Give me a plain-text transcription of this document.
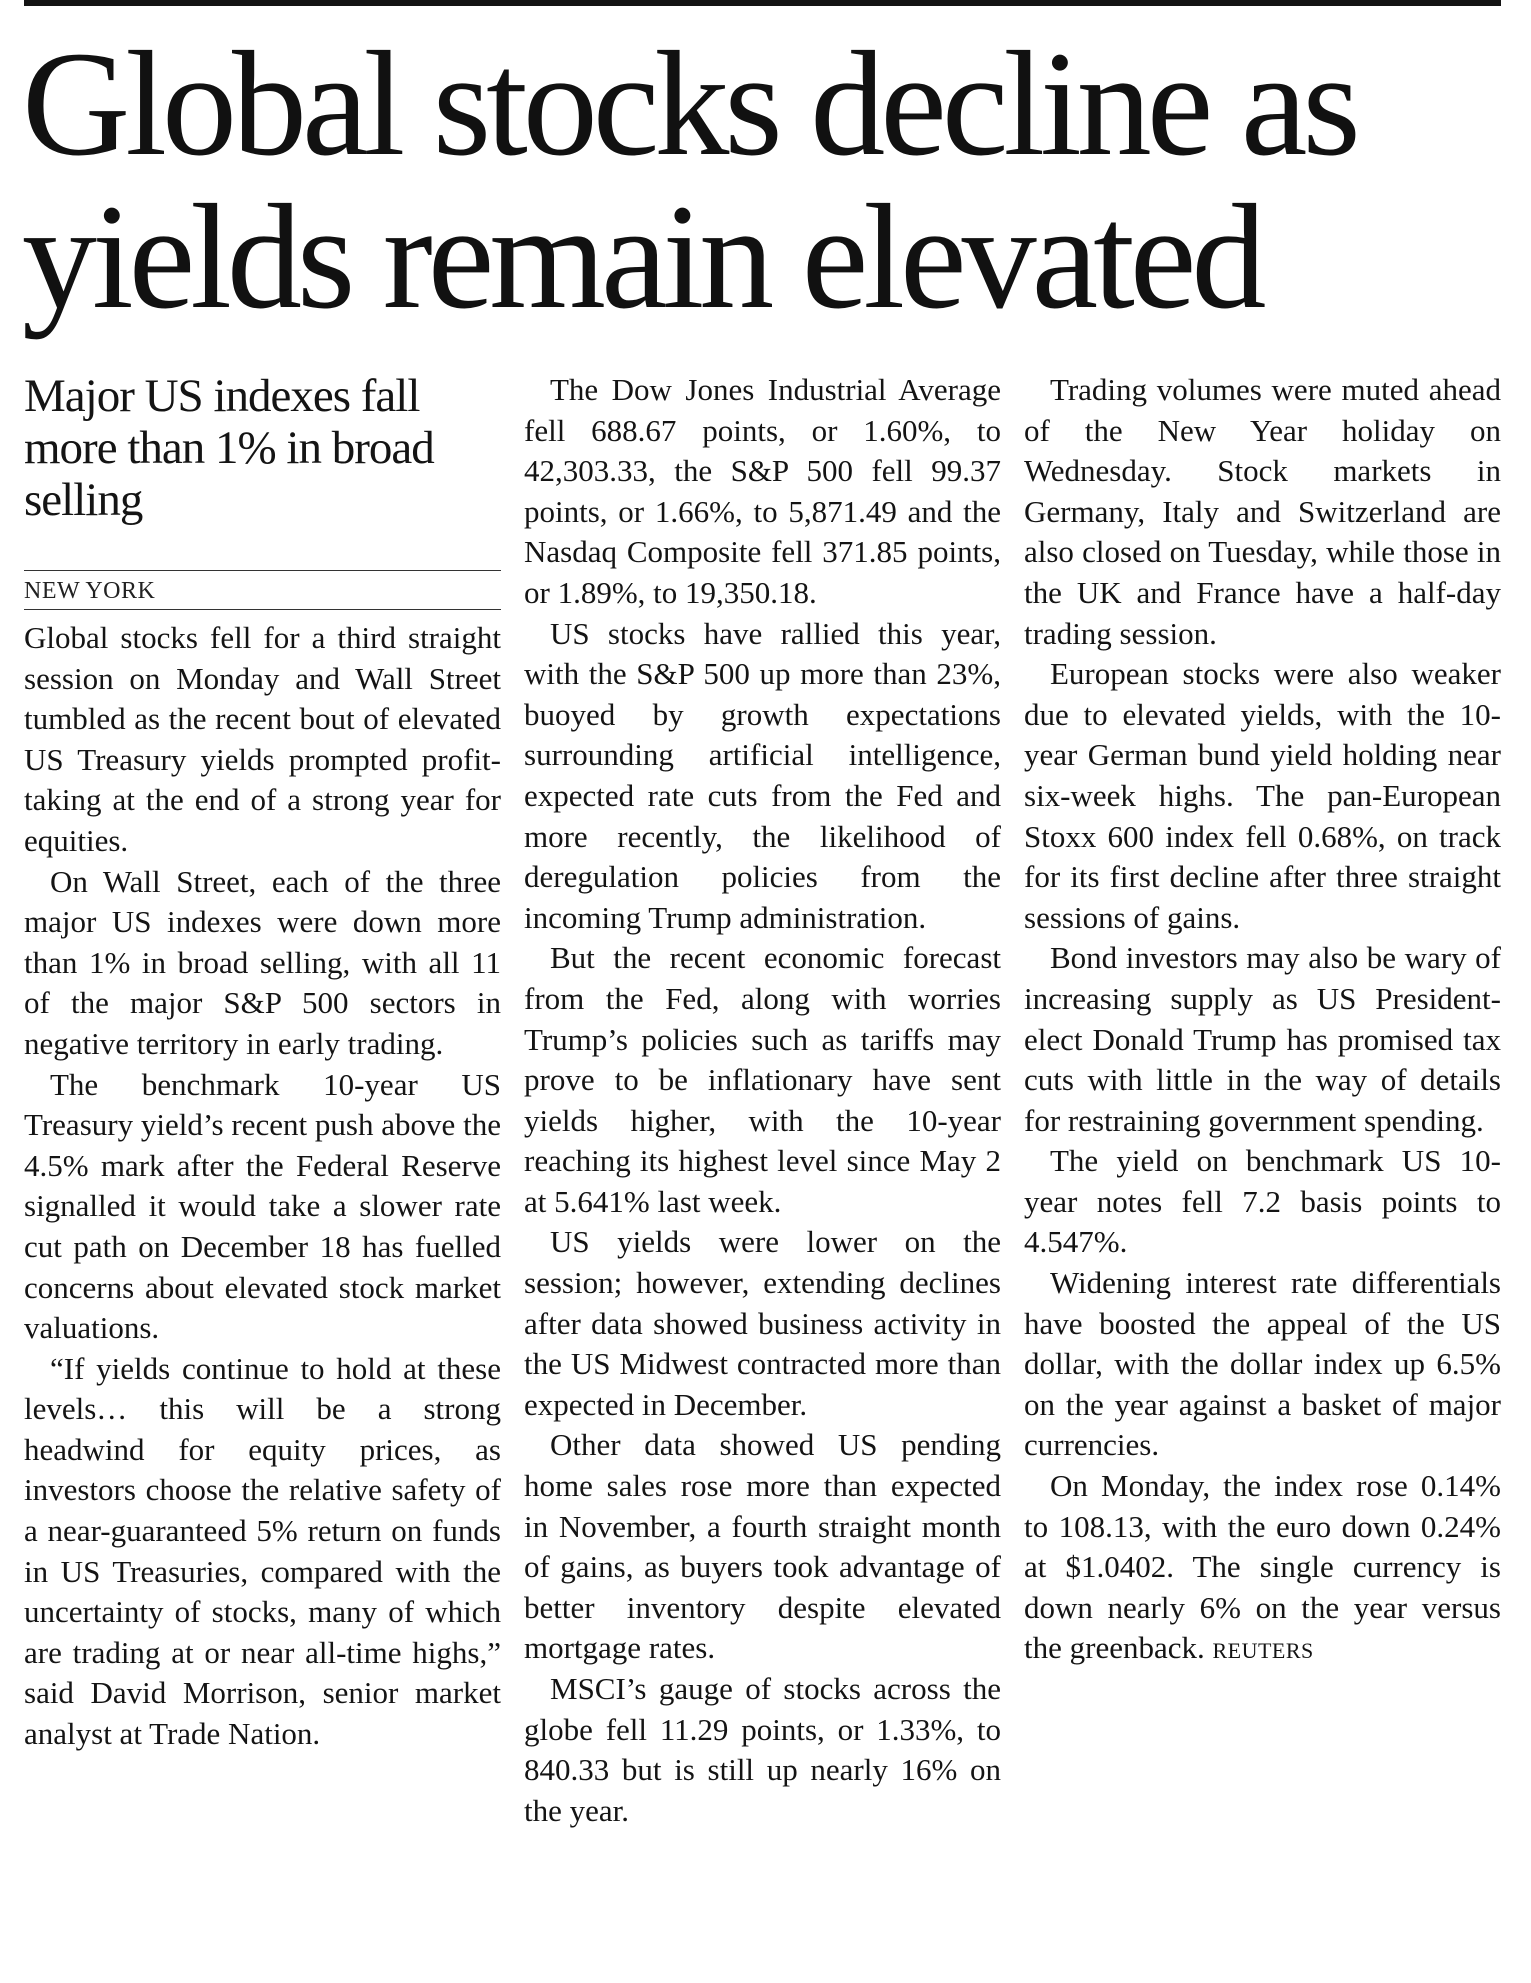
Global stocks decline as yields remain elevated
Major US indexes fall more than 1% in broad selling
NEW YORK

Global stocks fell for a third straight session on Monday and Wall Street tumbled as the recent bout of elevated US Treasury yields prompted profit-taking at the end of a strong year for equities.

On Wall Street, each of the three major US indexes were down more than 1% in broad selling, with all 11 of the major S&P 500 sectors in negative territory in early trading.

The benchmark 10-year US Treasury yield’s recent push above the 4.5% mark after the Federal Reserve signalled it would take a slower rate cut path on December 18 has fuelled concerns about elevated stock market valuations.

“If yields continue to hold at these levels… this will be a strong headwind for equity prices, as investors choose the relative safety of a near-guaranteed 5% return on funds in US Treasuries, compared with the uncertainty of stocks, many of which are trading at or near all-time highs,” said David Morrison, senior market analyst at Trade Nation.

The Dow Jones Industrial Average fell 688.67 points, or 1.60%, to 42,303.33, the S&P 500 fell 99.37 points, or 1.66%, to 5,871.49 and the Nasdaq Composite fell 371.85 points, or 1.89%, to 19,350.18.

US stocks have rallied this year, with the S&P 500 up more than 23%, buoyed by growth expectations surrounding artificial intelligence, expected rate cuts from the Fed and more recently, the likelihood of deregulation policies from the incoming Trump administration.

But the recent economic forecast from the Fed, along with worries Trump’s policies such as tariffs may prove to be inflationary have sent yields higher, with the 10-year reaching its highest level since May 2 at 5.641% last week.

US yields were lower on the session; however, extending declines after data showed business activity in the US Midwest contracted more than expected in December.

Other data showed US pending home sales rose more than expected in November, a fourth straight month of gains, as buyers took advantage of better inventory despite elevated mortgage rates.

MSCI’s gauge of stocks across the globe fell 11.29 points, or 1.33%, to 840.33 but is still up nearly 16% on the year.

Trading volumes were muted ahead of the New Year holiday on Wednesday. Stock markets in Germany, Italy and Switzerland are also closed on Tuesday, while those in the UK and France have a half-day trading session.

European stocks were also weaker due to elevated yields, with the 10-year German bund yield holding near six-week highs. The pan-European Stoxx 600 index fell 0.68%, on track for its first decline after three straight sessions of gains.

Bond investors may also be wary of increasing supply as US President-elect Donald Trump has promised tax cuts with little in the way of details for restraining government spending.

The yield on benchmark US 10-year notes fell 7.2 basis points to 4.547%.

Widening interest rate differentials have boosted the appeal of the US dollar, with the dollar index up 6.5% on the year against a basket of major currencies.

On Monday, the index rose 0.14% to 108.13, with the euro down 0.24% at $1.0402. The single currency is down nearly 6% on the year versus the greenback. REUTERS
